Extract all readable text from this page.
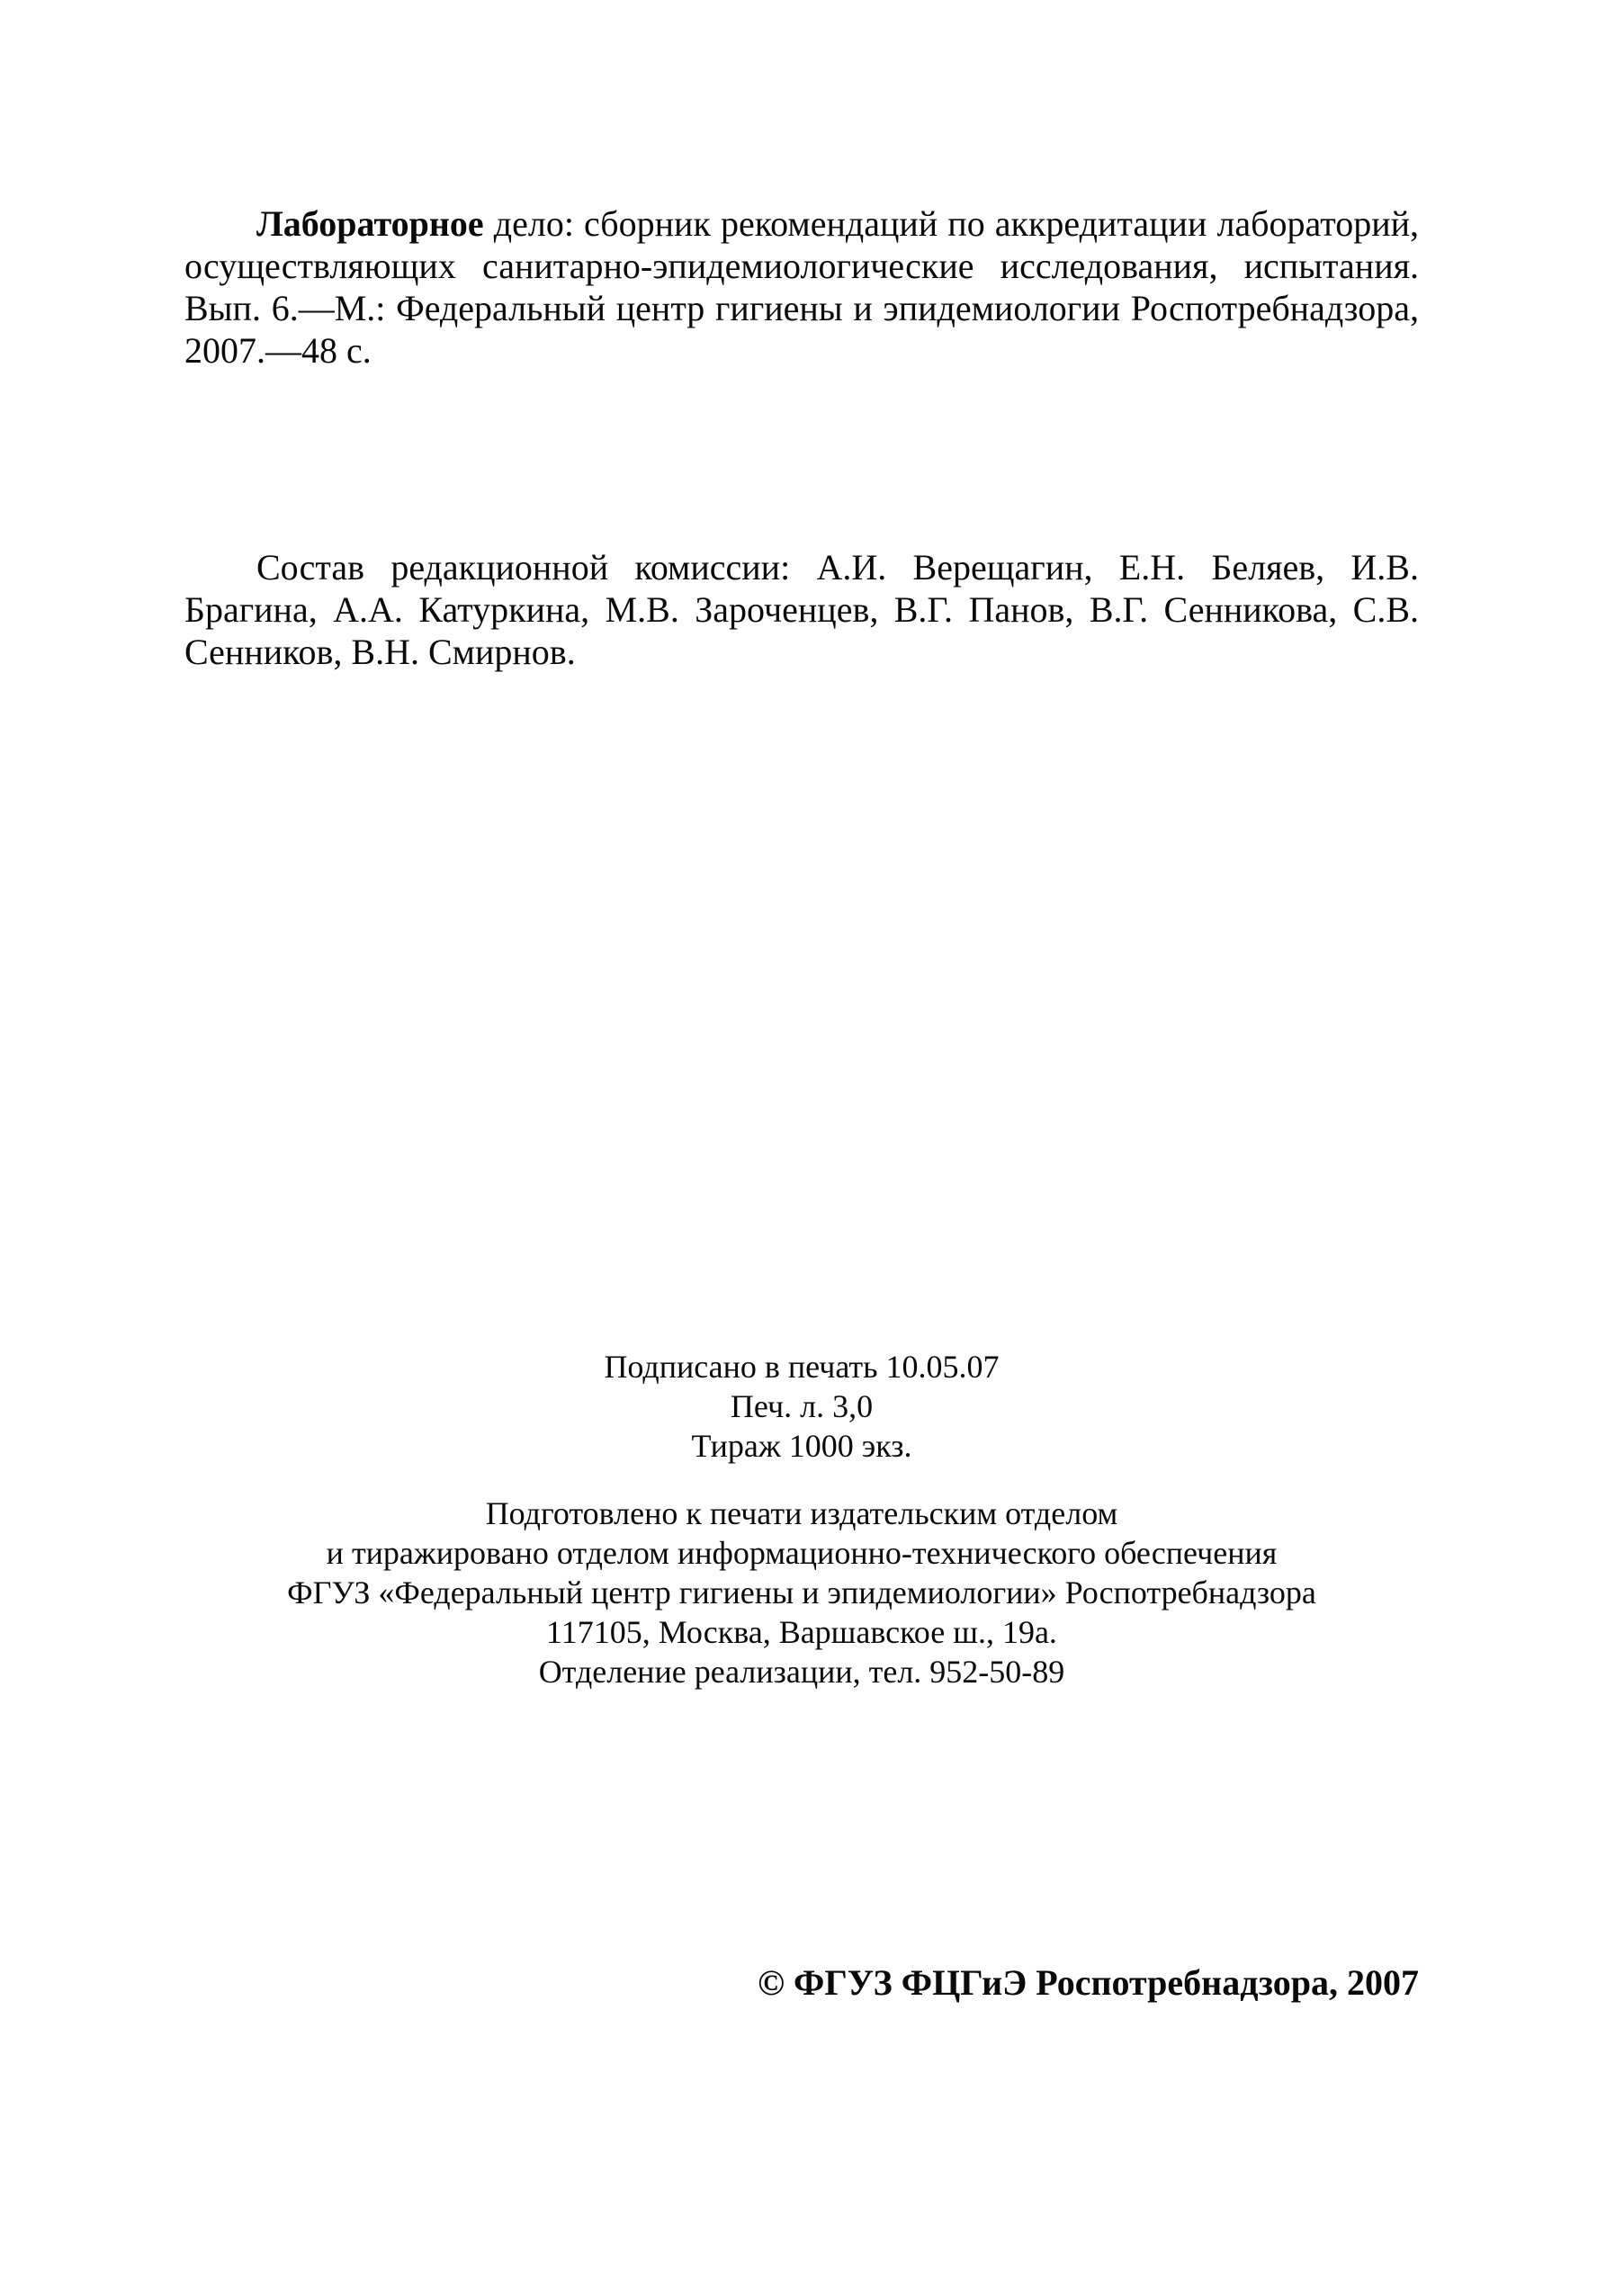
Лабораторное дело: сборник рекомендаций по аккредитации лабораторий, осуществляющих санитарно-эпидемиологические исследования, испытания. Вып. 6.—М.: Федеральный центр гигиены и эпидемиологии Роспотребнадзора, 2007.—48 с.

Состав редакционной комиссии: А.И. Верещагин, Е.Н. Беляев, И.В. Брагина, А.А. Катуркина, М.В. Зароченцев, В.Г. Панов, В.Г. Сенникова, С.В. Сенников, В.Н. Смирнов.

Подписано в печать 10.05.07
Печ. л. 3,0
Тираж 1000 экз.
Подготовлено к печати издательским отделом
и тиражировано отделом информационно-технического обеспечения
ФГУЗ «Федеральный центр гигиены и эпидемиологии» Роспотребнадзора
117105, Москва, Варшавское ш., 19а.
Отделение реализации, тел. 952-50-89
© ФГУЗ ФЦГиЭ Роспотребнадзора, 2007
